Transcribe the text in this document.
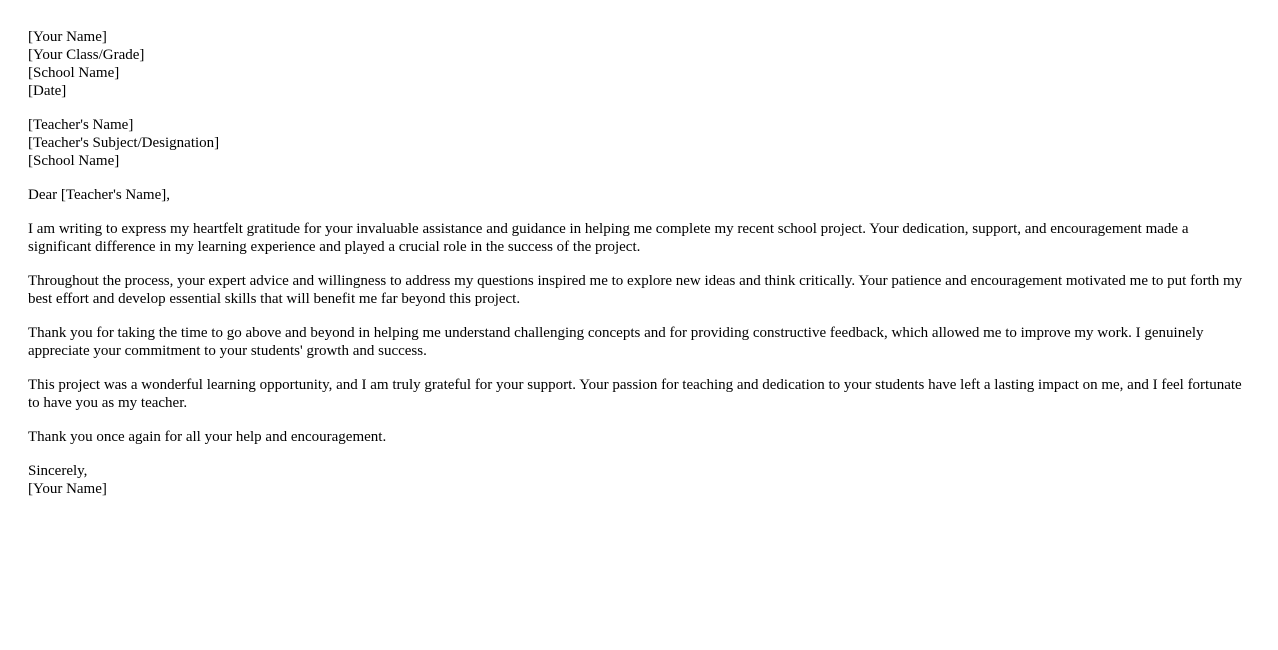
[Your Name]
[Your Class/Grade]
[School Name]
[Date]
[Teacher's Name]
[Teacher's Subject/Designation]
[School Name]

Dear [Teacher's Name],

I am writing to express my heartfelt gratitude for your invaluable assistance and guidance in helping me complete my recent school project. Your dedication, support, and encouragement made a significant difference in my learning experience and played a crucial role in the success of the project.

Throughout the process, your expert advice and willingness to address my questions inspired me to explore new ideas and think critically. Your patience and encouragement motivated me to put forth my best effort and develop essential skills that will benefit me far beyond this project.

Thank you for taking the time to go above and beyond in helping me understand challenging concepts and for providing constructive feedback, which allowed me to improve my work. I genuinely appreciate your commitment to your students' growth and success.

This project was a wonderful learning opportunity, and I am truly grateful for your support. Your passion for teaching and dedication to your students have left a lasting impact on me, and I feel fortunate to have you as my teacher.

Thank you once again for all your help and encouragement.

Sincerely,
[Your Name]
